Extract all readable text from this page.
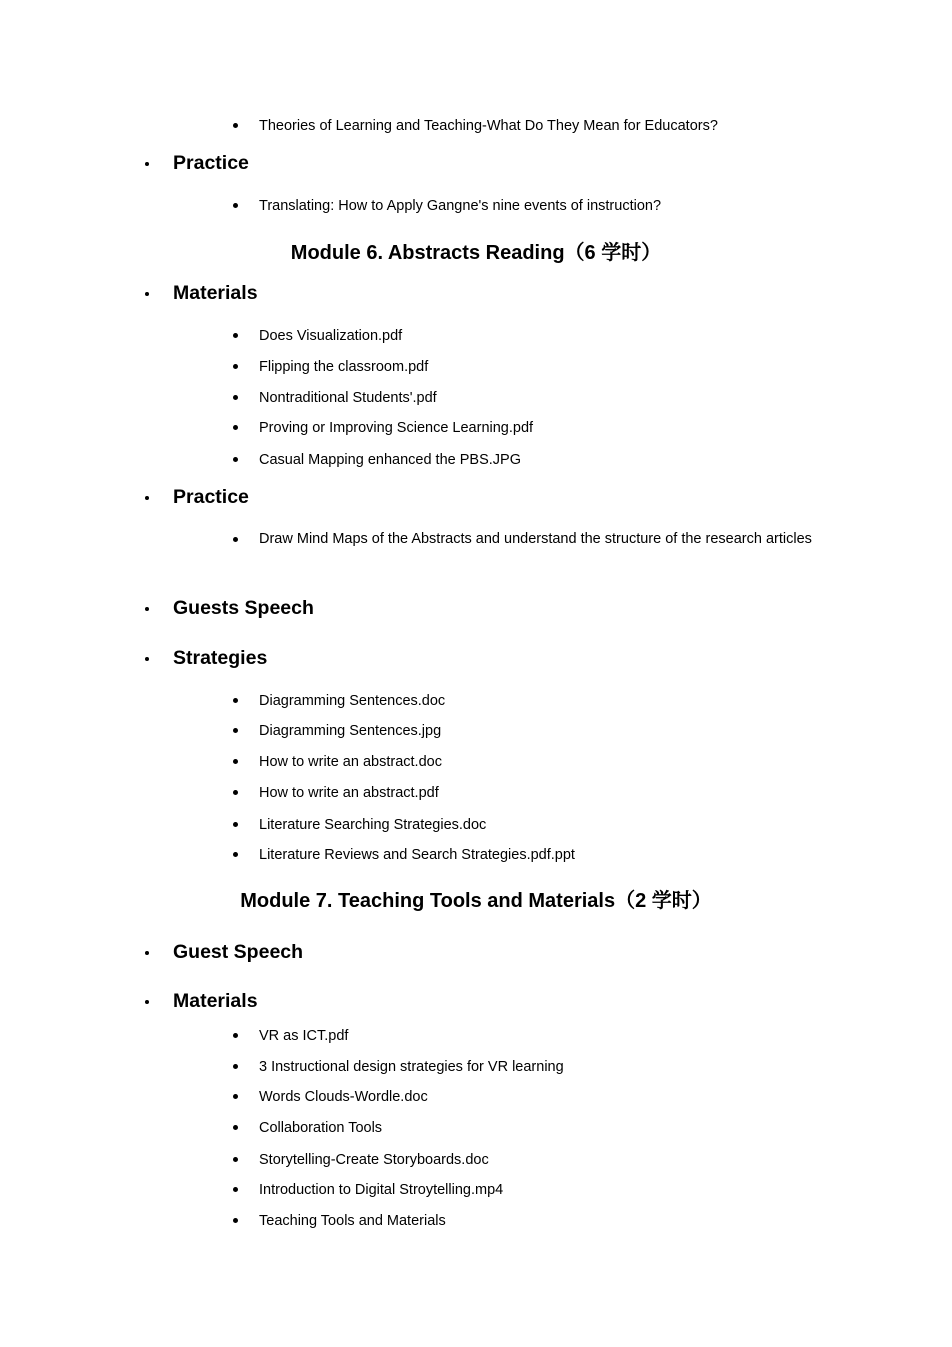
Theories of Learning and Teaching-What Do They Mean for Educators?
Practice
Translating: How to Apply Gangne's nine events of instruction?
Module 6. Abstracts Reading（6 学时）
Materials
Does Visualization.pdf
Flipping the classroom.pdf
Nontraditional Students'.pdf
Proving or Improving Science Learning.pdf
Casual Mapping enhanced the PBS.JPG
Practice
Draw Mind Maps of the Abstracts and understand the structure of the research articles
Guests Speech
Strategies
Diagramming Sentences.doc
Diagramming Sentences.jpg
How to write an abstract.doc
How to write an abstract.pdf
Literature Searching Strategies.doc
Literature Reviews and Search Strategies.pdf.ppt
Module 7. Teaching Tools and Materials（2 学时）
Guest Speech
Materials
VR as ICT.pdf
3 Instructional design strategies for VR learning
Words Clouds-Wordle.doc
Collaboration Tools
Storytelling-Create Storyboards.doc
Introduction to Digital Stroytelling.mp4
Teaching Tools and Materials
